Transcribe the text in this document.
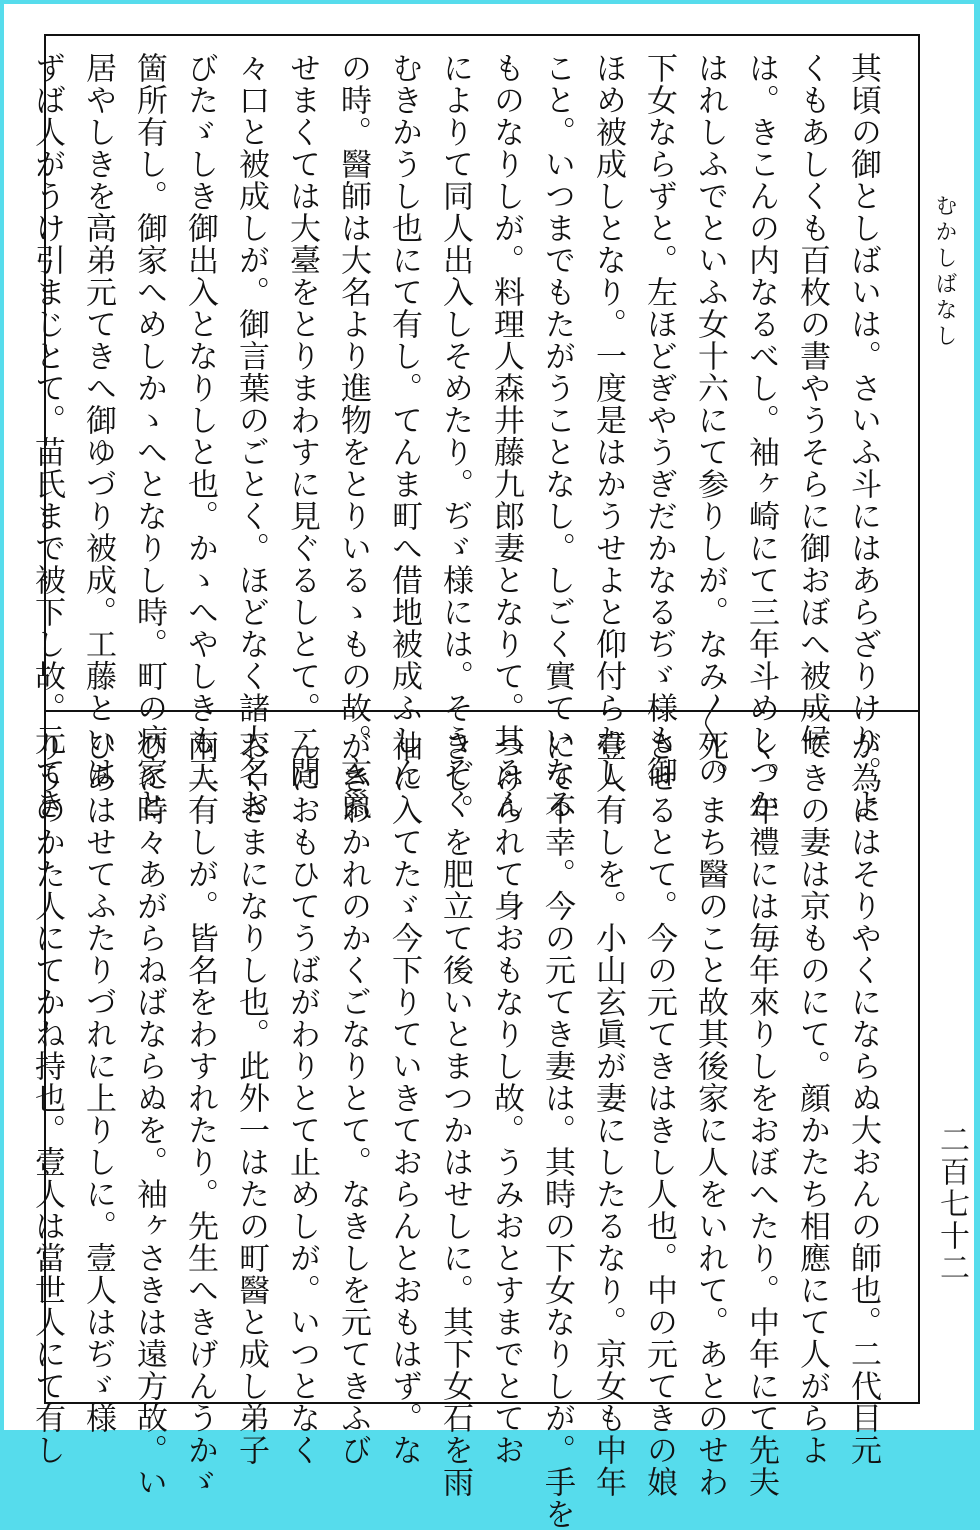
其頃の御としばいは。さいふ斗にはあらざりけり。よ
くもあしくも百枚の書やうそらに御おぼへ被成候
は。きこんの内なるべし。袖ヶ崎にて三年斗めしつか
はれしふでといふ女十六にて参りしが。なみ〳〵の
下女ならずと。左ほどぎやうぎだかなるぢゞ様も御
ほめ被成しとなり。一度是はかうせよと仰付られし
こと。いつまでもたがうことなし。しごく實ていなる
ものなりしが。料理人森井藤九郎妻となりて。其ゑん
によりて同人出入しそめたり。ぢゞ様には。そうぞく
むきかうし也にて有し。てんま町へ借地被成ふしん
の時。醫師は大名より進物をとりいるゝもの故。玄巤
せまくては大臺をとりまわすに見ぐるしとて。二間
々口と被成しが。御言葉のごとく。ほどなく諸大名お
びたゞしき御出入となりしと也。かゝへやしきも三
箇所有し。御家へめしかゝへとなりし時。町の病家と
居やしきを高弟元てきへ御ゆづり被成。工藤といは
ずば人がうけ引まじとて。苗氏まで被下し故。元てき
が為にはそりやくにならぬ大おんの師也。二代目元
てきの妻は京ものにて。顔かたち相應にて人がらよ
く。年禮には毎年來りしをおぼへたり。中年にて先夫
死。まち醫のこと故其後家に人をいれて。あとのせわ
させるとて。今の元てきはきし人也。中の元てきの娘
壹人有しを。小山玄眞が妻にしたるなり。京女も中年
にて不幸。今の元てき妻は。其時の下女なりしが。手を
つけられて身おもなりし故。うみおとすまでとてお
きし。を肥立て後いとまつかはせしに。其下女石を雨
袖に入てたゞ今下りていきておらんとおもはず。な
がきわかれのかくごなりとて。なきしを元てきふび
んにおもひてうばがわりとて止めしが。いつとなく
おくさまになりし也。此外一はたの町醫と成し弟子
兩人有しが。皆名をわすれたり。先生へきげんうかゞ
ひに時々あがらねばならぬを。袖ヶさきは遠方故。い
ひあはせてふたりづれに上りしに。壹人はぢゞ様
りうのかた人にてかね持也。壹人は當世人にて有し
むかしばなし
二百七十二
